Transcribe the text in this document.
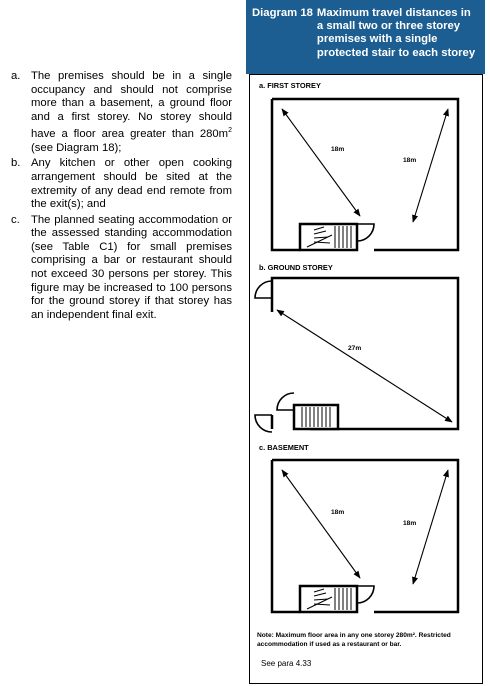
a. The premises should be in a single occupancy and should not comprise more than a basement, a ground floor and a first storey. No storey should have a floor area greater than $280m^2$ (see Diagram 18);
b. Any kitchen or other open cooking arrangement should be sited at the extremity of any dead end remote from the exit(s); and
c. The planned seating accommodation or the assessed standing accommodation (see Table C1) for small premises comprising a bar or restaurant should not exceed 30 persons per storey. This figure may be increased to 100 persons for the ground storey if that storey has an independent final exit.
Diagram 18 Maximum travel distances in a small two or three storey premises with a single protected stair to each storey
a. FIRST STOREY
18m
18m
b. GROUND STOREY
27m
c. BASEMENT
18m
18m
Note: Maximum floor area in any one storey 280m². Restricted accommodation if used as a restaurant or bar.
See para 4.33
